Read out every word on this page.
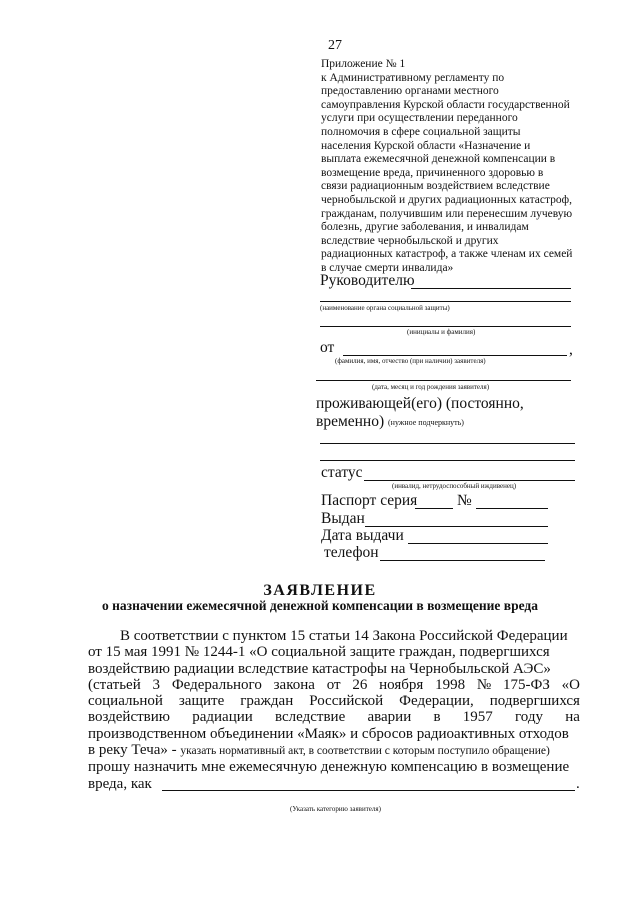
27
Приложение № 1
к Административному регламенту по
предоставлению органами местного
самоуправления Курской области государственной
услуги при осуществлении переданного
полномочия в сфере социальной защиты
населения Курской области «Назначение и
выплата ежемесячной денежной компенсации в
возмещение вреда, причиненного здоровью в
связи радиационным воздействием вследствие
чернобыльской и других радиационных катастроф,
гражданам, получившим или перенесшим лучевую
болезнь, другие заболевания, и инвалидам
вследствие чернобыльской и других
радиационных катастроф, а также членам их семей
в случае смерти инвалида»
Руководителю
(наименование органа социальной защиты)
(инициалы и фамилия)
от	,
(фамилия, имя, отчество (при наличии) заявителя)
(дата, месяц и год рождения заявителя)
проживающей(его) (постоянно,
временно) (нужное подчеркнуть)
статус
(инвалид, нетрудоспособный иждивенец)
Паспорт серия	№
Выдан
Дата выдачи
телефон
ЗАЯВЛЕНИЕ
о назначении ежемесячной денежной компенсации в возмещение вреда
В соответствии с пунктом 15 статьи 14 Закона Российской Федерации
от 15 мая 1991 № 1244-1 «О социальной защите граждан, подвергшихся
воздействию радиации вследствие катастрофы на Чернобыльской АЭС»
(статьей 3 Федерального закона от 26 ноября 1998 № 175-ФЗ «О
социальной защите граждан Российской Федерации, подвергшихся
воздействию радиации вследствие аварии в 1957 году на
производственном объединении «Маяк» и сбросов радиоактивных отходов
в реку Теча» - указать нормативный акт, в соответствии с которым поступило обращение)
прошу назначить мне ежемесячную денежную компенсацию в возмещение
вреда, как	.
(Указать категорию заявителя)
